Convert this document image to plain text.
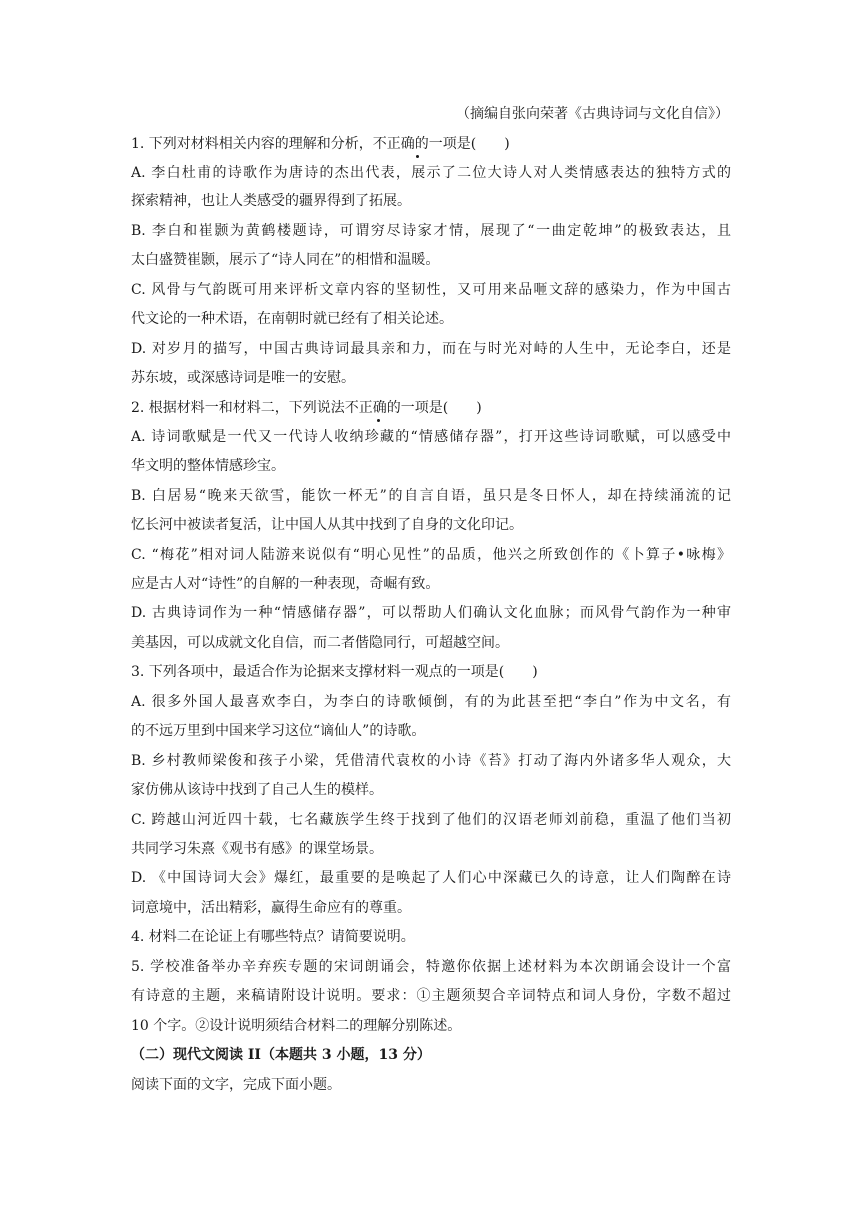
（摘编自张向荣著《古典诗词与文化自信》）
1. 下列对材料相关内容的理解和分析，不正确的一项是(　　)
A. 李白杜甫的诗歌作为唐诗的杰出代表，展示了二位大诗人对人类情感表达的独特方式的
探索精神，也让人类感受的疆界得到了拓展。
B. 李白和崔颢为黄鹤楼题诗，可谓穷尽诗家才情，展现了“一曲定乾坤”的极致表达，且
太白盛赞崔颢，展示了“诗人同在”的相惜和温暖。
C. 风骨与气韵既可用来评析文章内容的坚韧性，又可用来品咂文辞的感染力，作为中国古
代文论的一种术语，在南朝时就已经有了相关论述。
D. 对岁月的描写，中国古典诗词最具亲和力，而在与时光对峙的人生中，无论李白，还是
苏东坡，或深感诗词是唯一的安慰。
2. 根据材料一和材料二，下列说法不正确的一项是(　　)
A. 诗词歌赋是一代又一代诗人收纳珍藏的“情感储存器”，打开这些诗词歌赋，可以感受中
华文明的整体情感珍宝。
B. 白居易“晚来天欲雪，能饮一杯无”的自言自语，虽只是冬日怀人，却在持续涌流的记
忆长河中被读者复活，让中国人从其中找到了自身的文化印记。
C. “梅花”相对词人陆游来说似有“明心见性”的品质，他兴之所致创作的《卜算子•咏梅》
应是古人对“诗性”的自解的一种表现，奇崛有致。
D. 古典诗词作为一种“情感储存器”，可以帮助人们确认文化血脉；而风骨气韵作为一种审
美基因，可以成就文化自信，而二者偕隐同行，可超越空间。
3. 下列各项中，最适合作为论据来支撑材料一观点的一项是(　　)
A. 很多外国人最喜欢李白，为李白的诗歌倾倒，有的为此甚至把“李白”作为中文名，有
的不远万里到中国来学习这位“谪仙人”的诗歌。
B. 乡村教师梁俊和孩子小梁，凭借清代袁枚的小诗《苔》打动了海内外诸多华人观众，大
家仿佛从该诗中找到了自己人生的模样。
C. 跨越山河近四十载，七名藏族学生终于找到了他们的汉语老师刘前稳，重温了他们当初
共同学习朱熹《观书有感》的课堂场景。
D. 《中国诗词大会》爆红，最重要的是唤起了人们心中深藏已久的诗意，让人们陶醉在诗
词意境中，活出精彩，赢得生命应有的尊重。
4. 材料二在论证上有哪些特点？请简要说明。
5. 学校准备举办辛弃疾专题的宋词朗诵会，特邀你依据上述材料为本次朗诵会设计一个富
有诗意的主题，来稿请附设计说明。要求：①主题须契合辛词特点和词人身份，字数不超过
10 个字。②设计说明须结合材料二的理解分别陈述。
（二）现代文阅读 II（本题共 3 小题，13 分）
阅读下面的文字，完成下面小题。
